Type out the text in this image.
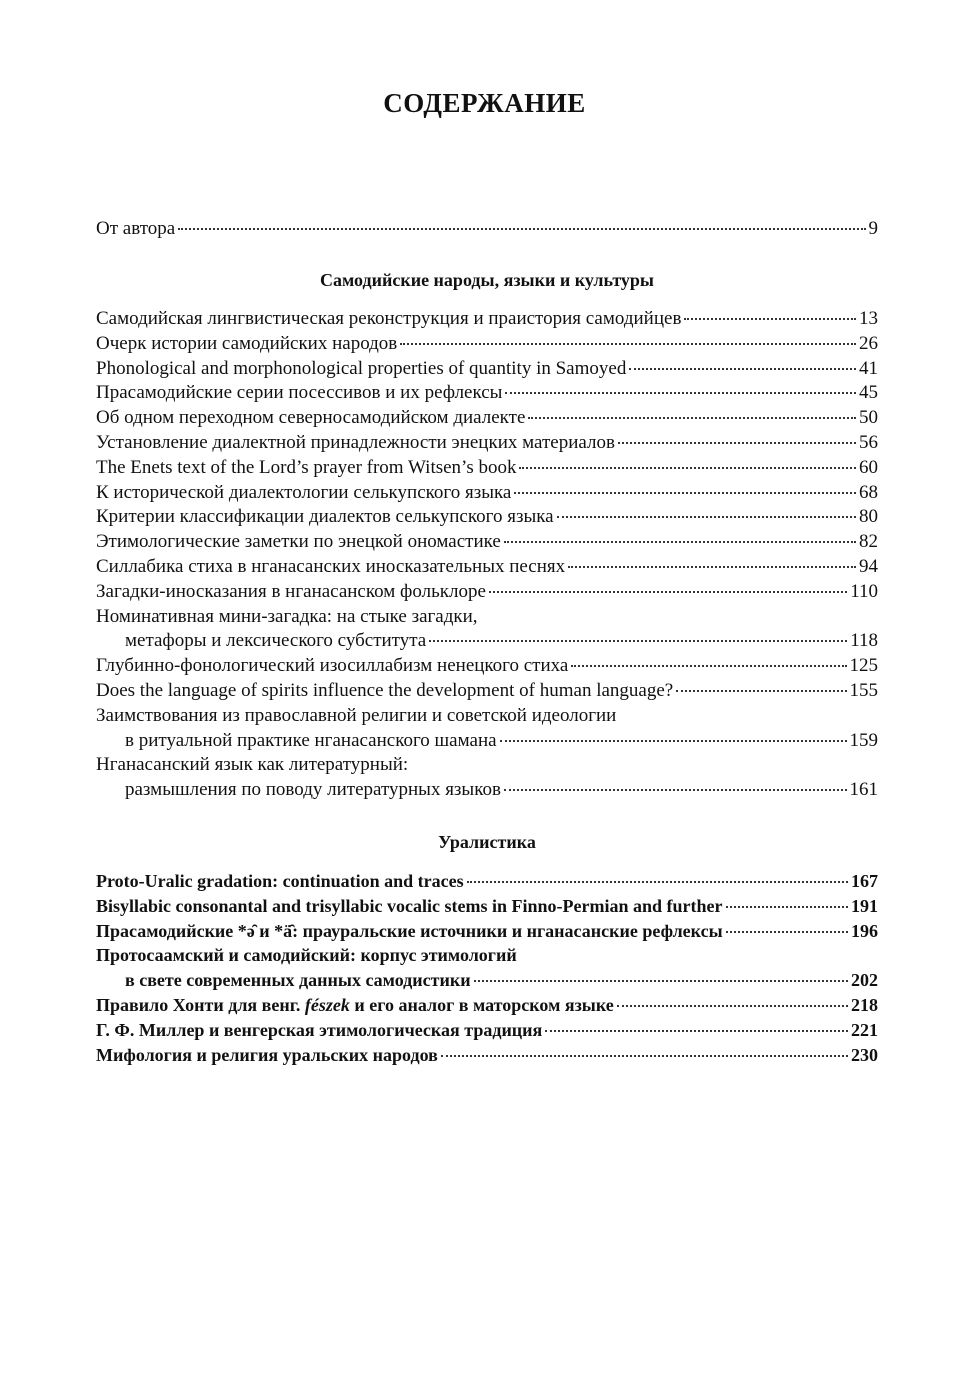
СОДЕРЖАНИЕ
От автора	9
Самодийские народы, языки и культуры
Самодийская лингвистическая реконструкция и праистория самодийцев	13
Очерк истории самодийских народов	26
Phonological and morphonological properties of quantity in Samoyed	41
Прасамодийские серии посессивов и их рефлексы	45
Об одном переходном северносамодийском диалекте	50
Установление диалектной принадлежности энецких материалов	56
The Enets text of the Lord’s prayer from Witsen’s book	60
К исторической диалектологии селькупского языка	68
Критерии классификации диалектов селькупского языка	80
Этимологические заметки по энецкой ономастике	82
Силлабика стиха в нганасанских иносказательных песнях	94
Загадки-иносказания в нганасанском фольклоре	110
Номинативная мини-загадка: на стыке загадки,
метафоры и лексического субститута	118
Глубинно-фонологический изосиллабизм ненецкого стиха	125
Does the language of spirits influence the development of human language?	155
Заимствования из православной религии и советской идеологии
в ритуальной практике нганасанского шамана	159
Нганасанский язык как литературный:
размышления по поводу литературных языков	161
Уралистика
Proto-Uralic gradation: continuation and traces	167
Bisyllabic consonantal and trisyllabic vocalic stems in Finno-Permian and further	191
Прасамодийские *ə̑ и *ä̑: прауральские источники и нганасанские рефлексы	196
Протосаамский и самодийский: корпус этимологий
в свете современных данных самодистики	202
Правило Хонти для венг. fészek и его аналог в маторском языке	218
Г. Ф. Миллер и венгерская этимологическая традиция	221
Мифология и религия уральских народов	230
